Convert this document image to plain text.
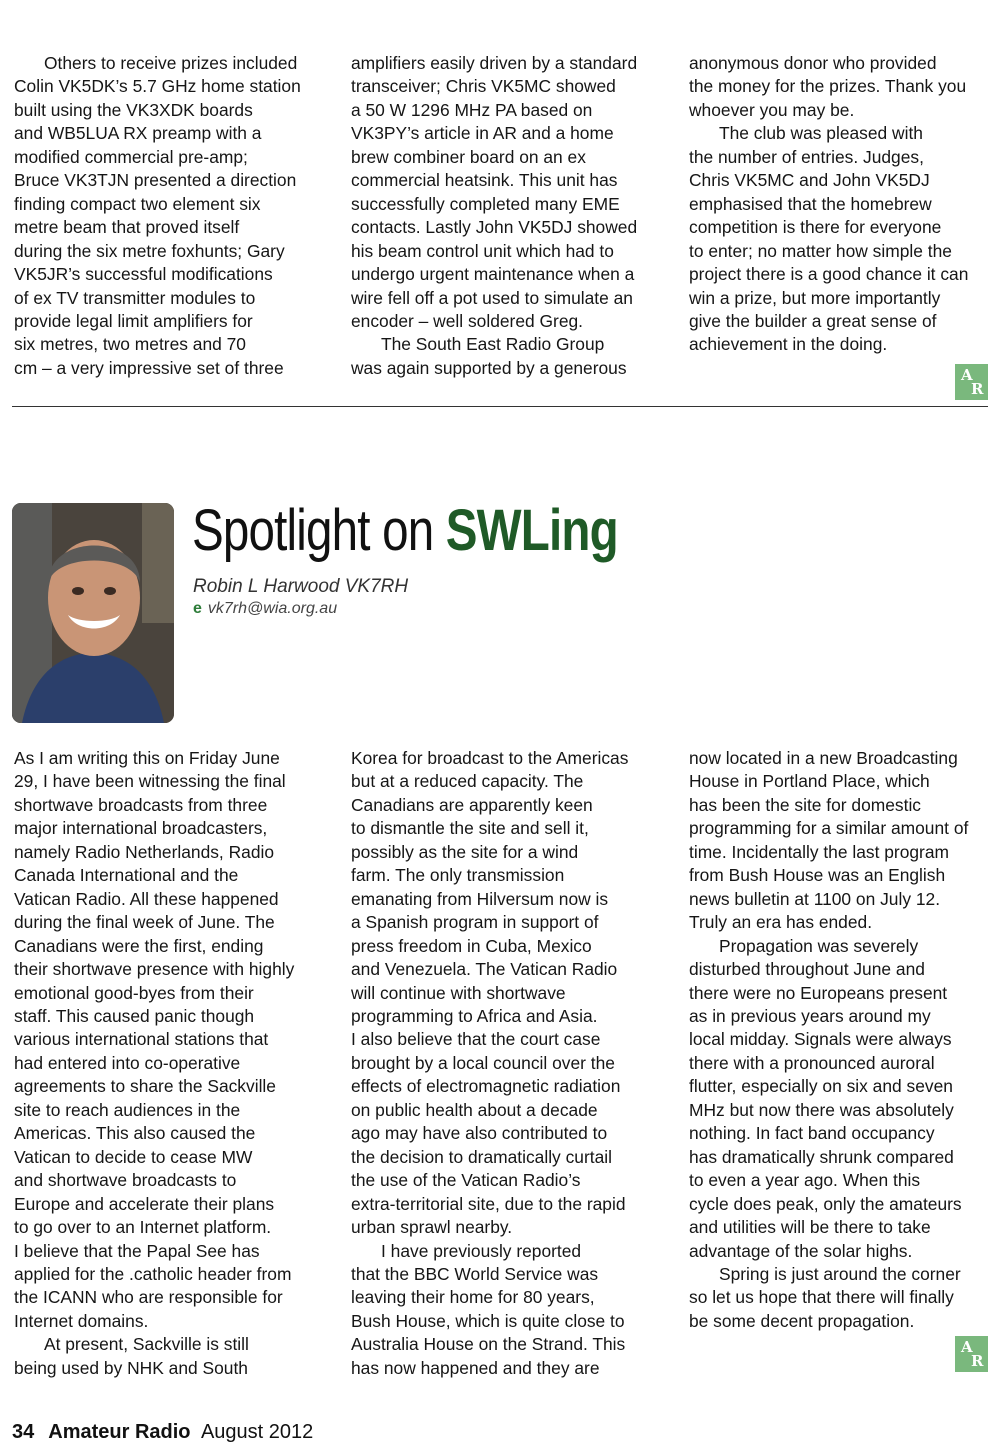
Others to receive prizes included
Colin VK5DK’s 5.7 GHz home station
built using the VK3XDK boards
and WB5LUA RX preamp with a
modified commercial pre-amp;
Bruce VK3TJN presented a direction
finding compact two element six
metre beam that proved itself
during the six metre foxhunts; Gary
VK5JR’s successful modifications
of ex TV transmitter modules to
provide legal limit amplifiers for
six metres, two metres and 70
cm – a very impressive set of three
amplifiers easily driven by a standard
transceiver; Chris VK5MC showed
a 50 W 1296 MHz PA based on
VK3PY’s article in AR and a home
brew combiner board on an ex
commercial heatsink. This unit has
successfully completed many EME
contacts. Lastly John VK5DJ showed
his beam control unit which had to
undergo urgent maintenance when a
wire fell off a pot used to simulate an
encoder – well soldered Greg.
The South East Radio Group
was again supported by a generous
anonymous donor who provided
the money for the prizes. Thank you
whoever you may be.
The club was pleased with
the number of entries. Judges,
Chris VK5MC and John VK5DJ
emphasised that the homebrew
competition is there for everyone
to enter; no matter how simple the
project there is a good chance it can
win a prize, but more importantly
give the builder a great sense of
achievement in the doing.
A
R
Spotlight on SWLing
Robin L Harwood VK7RH
e vk7rh@wia.org.au
As I am writing this on Friday June
29, I have been witnessing the final
shortwave broadcasts from three
major international broadcasters,
namely Radio Netherlands, Radio
Canada International and the
Vatican Radio. All these happened
during the final week of June. The
Canadians were the first, ending
their shortwave presence with highly
emotional good-byes from their
staff. This caused panic though
various international stations that
had entered into co-operative
agreements to share the Sackville
site to reach audiences in the
Americas. This also caused the
Vatican to decide to cease MW
and shortwave broadcasts to
Europe and accelerate their plans
to go over to an Internet platform.
I believe that the Papal See has
applied for the .catholic header from
the ICANN who are responsible for
Internet domains.
At present, Sackville is still
being used by NHK and South
Korea for broadcast to the Americas
but at a reduced capacity. The
Canadians are apparently keen
to dismantle the site and sell it,
possibly as the site for a wind
farm. The only transmission
emanating from Hilversum now is
a Spanish program in support of
press freedom in Cuba, Mexico
and Venezuela. The Vatican Radio
will continue with shortwave
programming to Africa and Asia.
I also believe that the court case
brought by a local council over the
effects of electromagnetic radiation
on public health about a decade
ago may have also contributed to
the decision to dramatically curtail
the use of the Vatican Radio’s
extra-territorial site, due to the rapid
urban sprawl nearby.
I have previously reported
that the BBC World Service was
leaving their home for 80 years,
Bush House, which is quite close to
Australia House on the Strand. This
has now happened and they are
now located in a new Broadcasting
House in Portland Place, which
has been the site for domestic
programming for a similar amount of
time. Incidentally the last program
from Bush House was an English
news bulletin at 1100 on July 12.
Truly an era has ended.
Propagation was severely
disturbed throughout June and
there were no Europeans present
as in previous years around my
local midday. Signals were always
there with a pronounced auroral
flutter, especially on six and seven
MHz but now there was absolutely
nothing. In fact band occupancy
has dramatically shrunk compared
to even a year ago. When this
cycle does peak, only the amateurs
and utilities will be there to take
advantage of the solar highs.
Spring is just around the corner
so let us hope that there will finally
be some decent propagation.
A
R
34 Amateur Radio August 2012
